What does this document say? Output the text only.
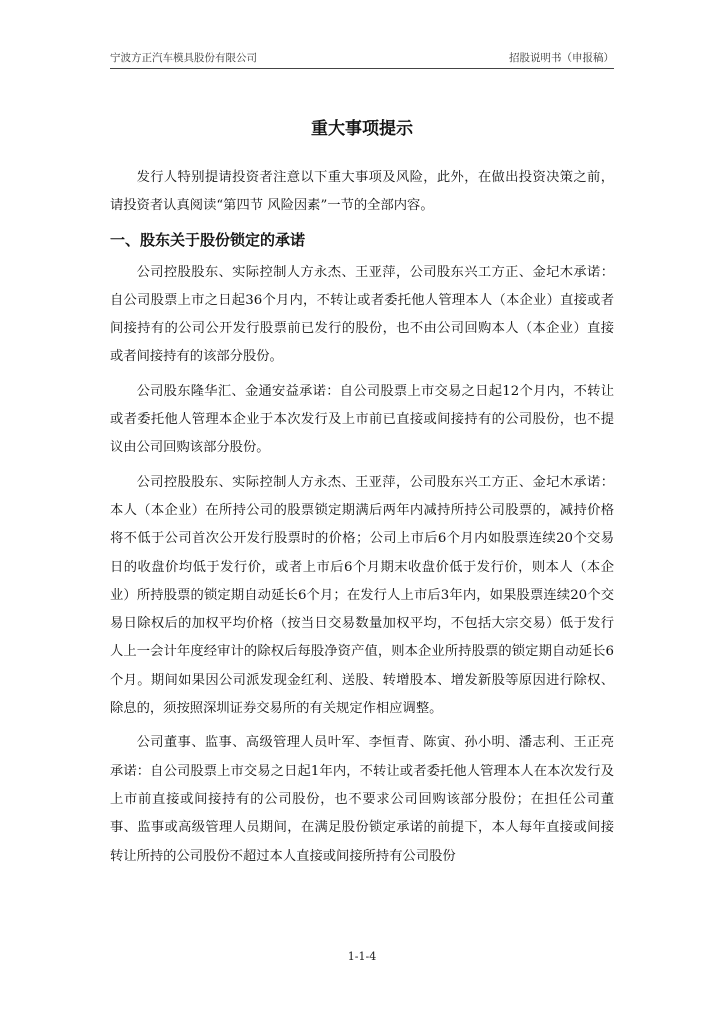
宁波方正汽车模具股份有限公司	招股说明书（申报稿）
重大事项提示

发行人特别提请投资者注意以下重大事项及风险，此外，在做出投资决策之前，请投资者认真阅读“第四节 风险因素”一节的全部内容。

一、股东关于股份锁定的承诺

公司控股股东、实际控制人方永杰、王亚萍，公司股东兴工方正、金圮木承诺：自公司股票上市之日起36个月内，不转让或者委托他人管理本人（本企业）直接或者间接持有的公司公开发行股票前已发行的股份，也不由公司回购本人（本企业）直接或者间接持有的该部分股份。

公司股东隆华汇、金通安益承诺：自公司股票上市交易之日起12个月内，不转让或者委托他人管理本企业于本次发行及上市前已直接或间接持有的公司股份，也不提议由公司回购该部分股份。

公司控股股东、实际控制人方永杰、王亚萍，公司股东兴工方正、金圮木承诺：本人（本企业）在所持公司的股票锁定期满后两年内减持所持公司股票的，减持价格将不低于公司首次公开发行股票时的价格；公司上市后6个月内如股票连续20个交易日的收盘价均低于发行价，或者上市后6个月期末收盘价低于发行价，则本人（本企业）所持股票的锁定期自动延长6个月；在发行人上市后3年内，如果股票连续20个交易日除权后的加权平均价格（按当日交易数量加权平均，不包括大宗交易）低于发行人上一会计年度经审计的除权后每股净资产值，则本企业所持股票的锁定期自动延长6个月。期间如果因公司派发现金红利、送股、转增股本、增发新股等原因进行除权、除息的，须按照深圳证券交易所的有关规定作相应调整。

公司董事、监事、高级管理人员叶军、李恒青、陈寅、孙小明、潘志利、王正亮承诺：自公司股票上市交易之日起1年内，不转让或者委托他人管理本人在本次发行及上市前直接或间接持有的公司股份，也不要求公司回购该部分股份；在担任公司董事、监事或高级管理人员期间，在满足股份锁定承诺的前提下，本人每年直接或间接转让所持的公司股份不超过本人直接或间接所持有公司股份

1-1-4
